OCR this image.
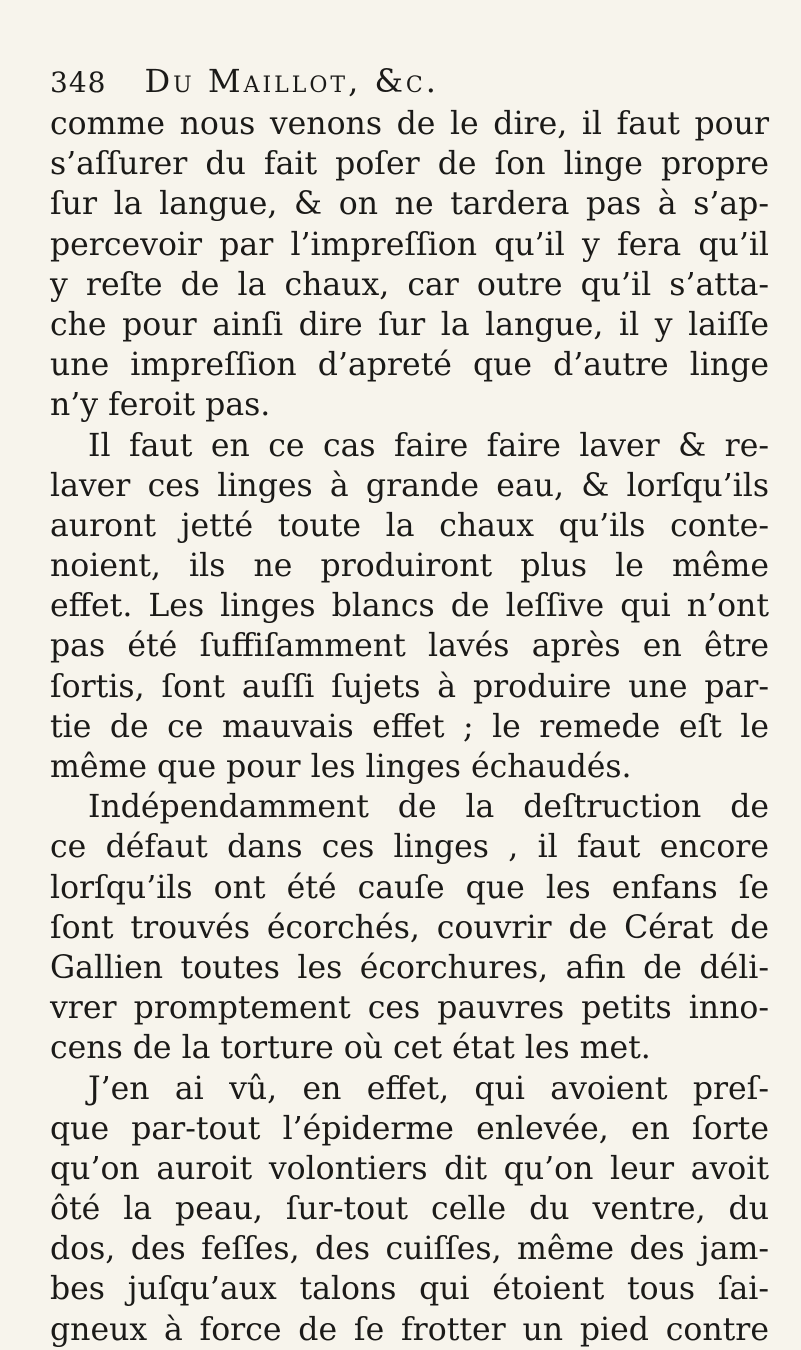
348 Du Maillot, &c.
comme nous venons de le dire, il faut pour
s’aſſurer du fait poſer de ſon linge propre
ſur la langue, & on ne tardera pas à s’ap-
percevoir par l’impreſſion qu’il y fera qu’il
y reſte de la chaux, car outre qu’il s’atta-
che pour ainſi dire ſur la langue, il y laiſſe
une impreſſion d’apreté que d’autre linge
n’y feroit pas.
Il faut en ce cas faire faire laver & re-
laver ces linges à grande eau, & lorſqu’ils
auront jetté toute la chaux qu’ils conte-
noient, ils ne produiront plus le même
effet. Les linges blancs de leſſive qui n’ont
pas été ſuffiſamment lavés après en être
ſortis, ſont auſſi ſujets à produire une par-
tie de ce mauvais effet ; le remede eſt le
même que pour les linges échaudés.
Indépendamment de la deſtruction de
ce défaut dans ces linges , il faut encore
lorſqu’ils ont été cauſe que les enfans ſe
ſont trouvés écorchés, couvrir de Cérat de
Gallien toutes les écorchures, afin de déli-
vrer promptement ces pauvres petits inno-
cens de la torture où cet état les met.
J’en ai vû, en effet, qui avoient preſ-
que par-tout l’épiderme enlevée, en ſorte
qu’on auroit volontiers dit qu’on leur avoit
ôté la peau, ſur-tout celle du ventre, du
dos, des feſſes, des cuiſſes, même des jam-
bes juſqu’aux talons qui étoient tous ſai-
gneux à force de ſe frotter un pied contre
